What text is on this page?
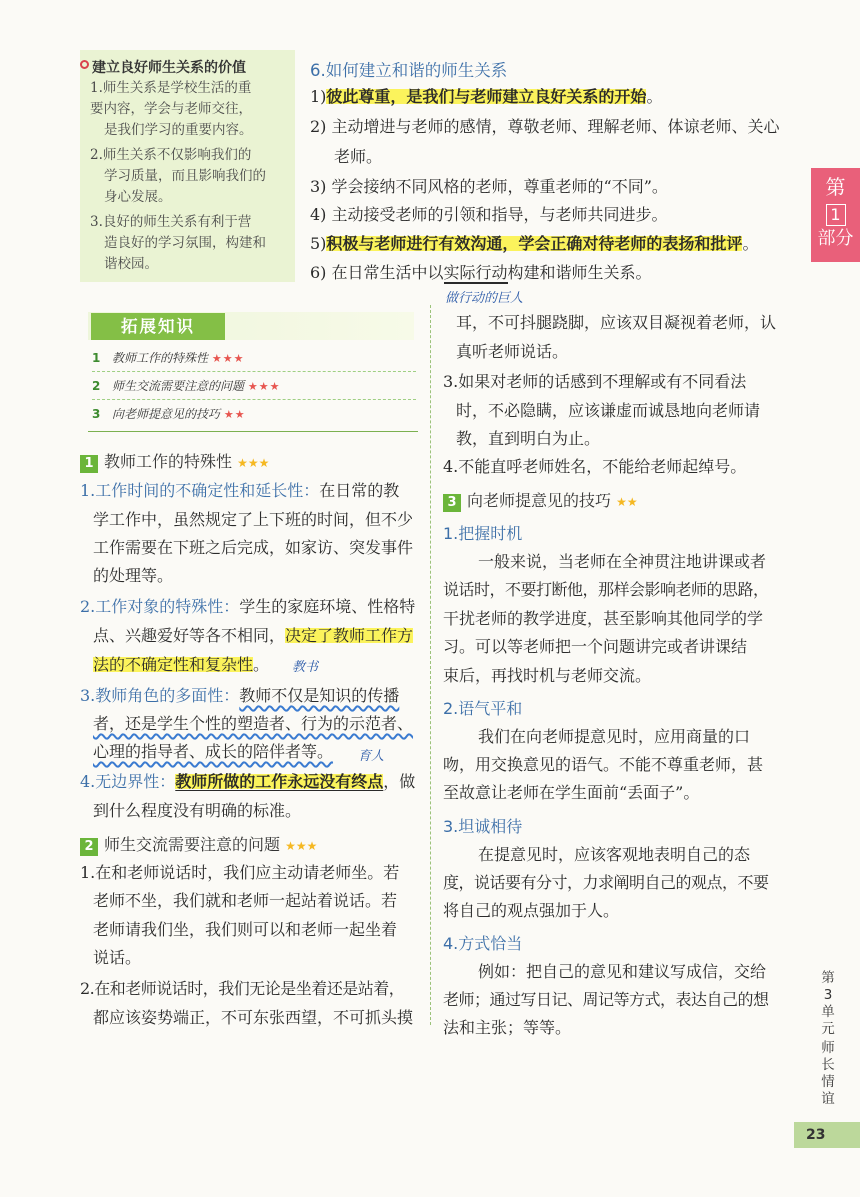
建立良好师生关系的价值
1.师生关系是学校生活的重
要内容，学会与老师交往，
是我们学习的重要内容。
2.师生关系不仅影响我们的
学习质量，而且影响我们的
身心发展。
3.良好的师生关系有利于营
造良好的学习氛围，构建和
谐校园。
6.如何建立和谐的师生关系
1)彼此尊重，是我们与老师建立良好关系的开始。
2) 主动增进与老师的感情，尊敬老师、理解老师、体谅老师、关心
老师。
3) 学会接纳不同风格的老师，尊重老师的“不同”。
4) 主动接受老师的引领和指导，与老师共同进步。
5)积极与老师进行有效沟通，学会正确对待老师的表扬和批评。
6) 在日常生活中以实际行动构建和谐师生关系。
做行动的巨人
第
1
部分
第
3
单
元
师
长
情
谊
23
拓展知识
1 教师工作的特殊性 ★★★
2 师生交流需要注意的问题 ★★★
3 向老师提意见的技巧 ★★
1 教师工作的特殊性 ★★★
1.工作时间的不确定性和延长性：在日常的教
学工作中，虽然规定了上下班的时间，但不少
工作需要在下班之后完成，如家访、突发事件
的处理等。
2.工作对象的特殊性：学生的家庭环境、性格特
点、兴趣爱好等各不相同，决定了教师工作方
法的不确定性和复杂性。 教书
3.教师角色的多面性：教师不仅是知识的传播
者，还是学生个性的塑造者、行为的示范者、
心理的指导者、成长的陪伴者等。 育人
4.无边界性：教师所做的工作永远没有终点，做
到什么程度没有明确的标准。
2 师生交流需要注意的问题 ★★★
1.在和老师说话时，我们应主动请老师坐。若
老师不坐，我们就和老师一起站着说话。若
老师请我们坐，我们则可以和老师一起坐着
说话。
2.在和老师说话时，我们无论是坐着还是站着，
都应该姿势端正，不可东张西望，不可抓头摸
耳，不可抖腿跷脚，应该双目凝视着老师，认
真听老师说话。
3.如果对老师的话感到不理解或有不同看法
时，不必隐瞒，应该谦虚而诚恳地向老师请
教，直到明白为止。
4.不能直呼老师姓名，不能给老师起绰号。
3 向老师提意见的技巧 ★★
1.把握时机
一般来说，当老师在全神贯注地讲课或者
说话时，不要打断他，那样会影响老师的思路，
干扰老师的教学进度，甚至影响其他同学的学
习。可以等老师把一个问题讲完或者讲课结
束后，再找时机与老师交流。
2.语气平和
我们在向老师提意见时，应用商量的口
吻，用交换意见的语气。不能不尊重老师，甚
至故意让老师在学生面前“丢面子”。
3.坦诚相待
在提意见时，应该客观地表明自己的态
度，说话要有分寸，力求阐明自己的观点，不要
将自己的观点强加于人。
4.方式恰当
例如：把自己的意见和建议写成信，交给
老师；通过写日记、周记等方式，表达自己的想
法和主张；等等。
